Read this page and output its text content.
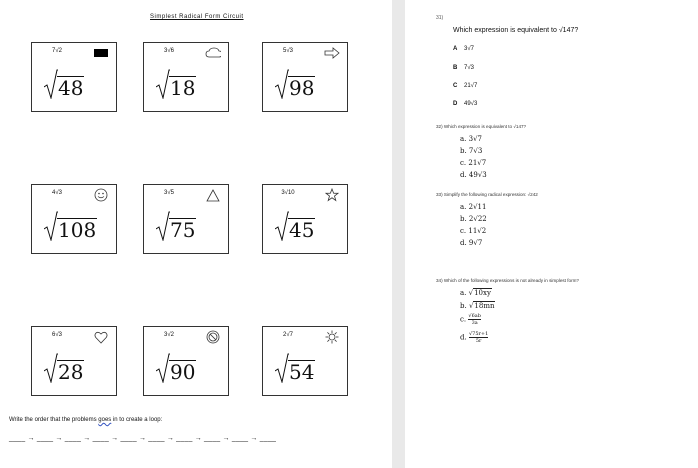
Simplest Radical Form Circuit
7√2
48
3√6
18
5√3
98
4√3
108
3√5
75
3√10
45
6√3
28
3√2
90
2√7
54
Write the order that the problems goes in to create a loop:
____ → ____ → ____ → ____ → ____ → ____ → ____ → ____ → ____ → ____
31)
Which expression is equivalent to √147?
A 3√7
B 7√3
C 21√7
D 49√3
32) Which expression is equivalent to √147?
a. 3√7
b. 7√3
c. 21√7
d. 49√3
33) Simplify the following radical expression: √242
a. 2√11
b. 2√22
c. 11√2
d. 9√7
34) Which of the following expressions is not already in simplest form?
a. √10xy
b. √18mn
c. $\frac{√6ab}{3a}$
d. $\frac{√75r+1}{5r}$
